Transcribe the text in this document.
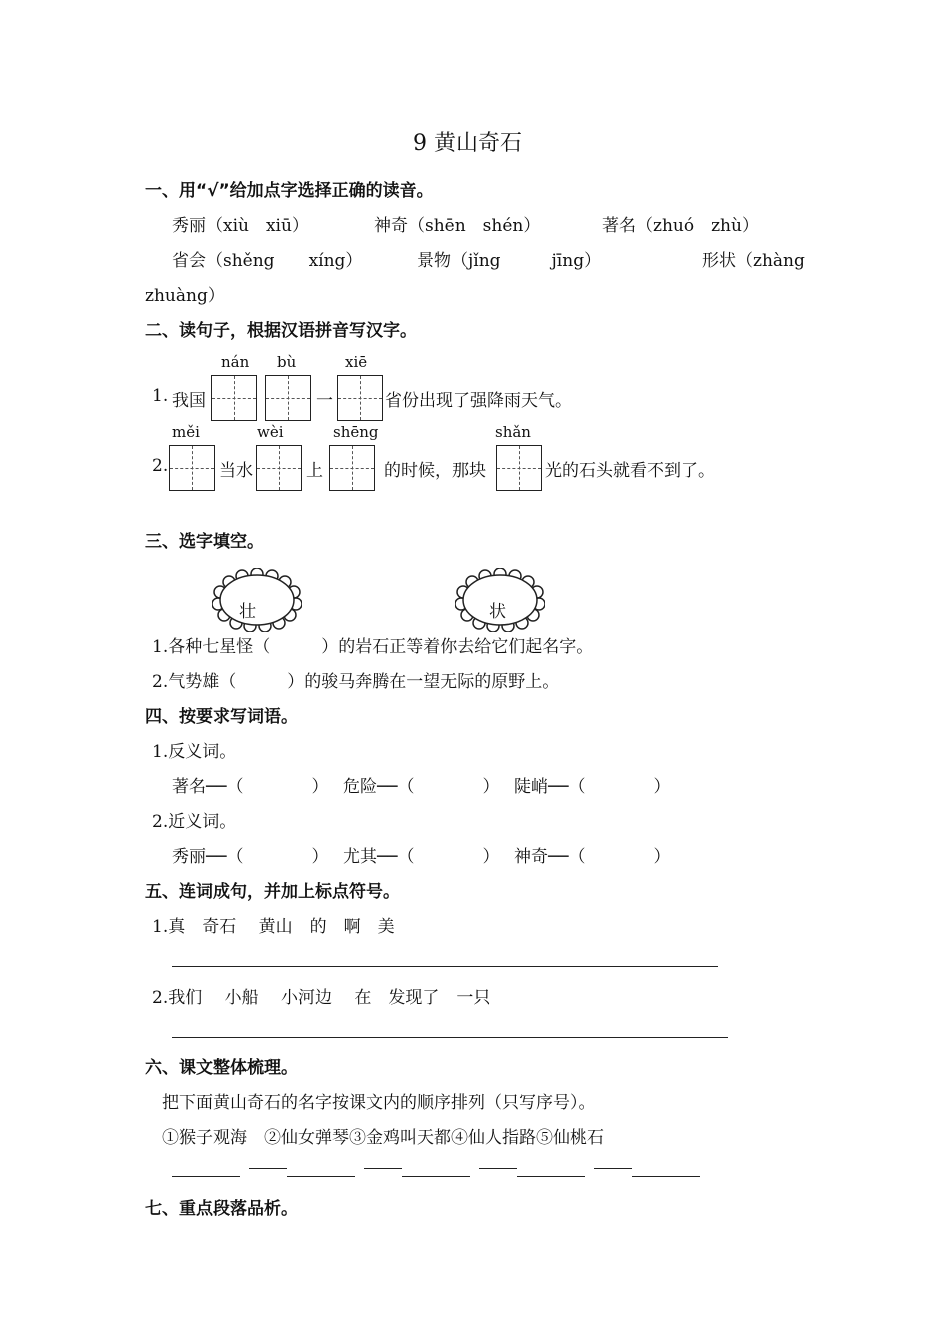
9 黄山奇石
一、用“√”给加点字选择正确的读音。
秀丽（xiù　xiū）	神奇（shēn　shén）	著名（zhuó　zhù）
省会（shěng　　xíng）	景物（jǐng　　　jīng）	形状（zhàng
zhuàng）
二、读句子，根据汉语拼音写汉字。
nán bù	xiē
1. 我国	一	省份出现了强降雨天气。
měi	wèi	shēng	shǎn
2.	当水	上	的时候，那块	光的石头就看不到了。
三、选字填空。
壮	状
1.各种七星怪（　　　）的岩石正等着你去给它们起名字。
2.气势雄（　　　）的骏马奔腾在一望无际的原野上。
四、按要求写词语。
1.反义词。
著名──（　　　　） 危险──（　　　　） 陡峭──（　　　　）
2.近义词。
秀丽──（　　　　） 尤其──（　　　　） 神奇──（　　　　）
五、连词成句，并加上标点符号。
1.真　奇石　 黄山　的　啊　美
2.我们　 小船　 小河边　 在　发现了　一只
六、课文整体梳理。
把下面黄山奇石的名字按课文内的顺序排列（只写序号）。
①猴子观海　②仙女弹琴③金鸡叫天都④仙人指路⑤仙桃石
七、重点段落品析。
